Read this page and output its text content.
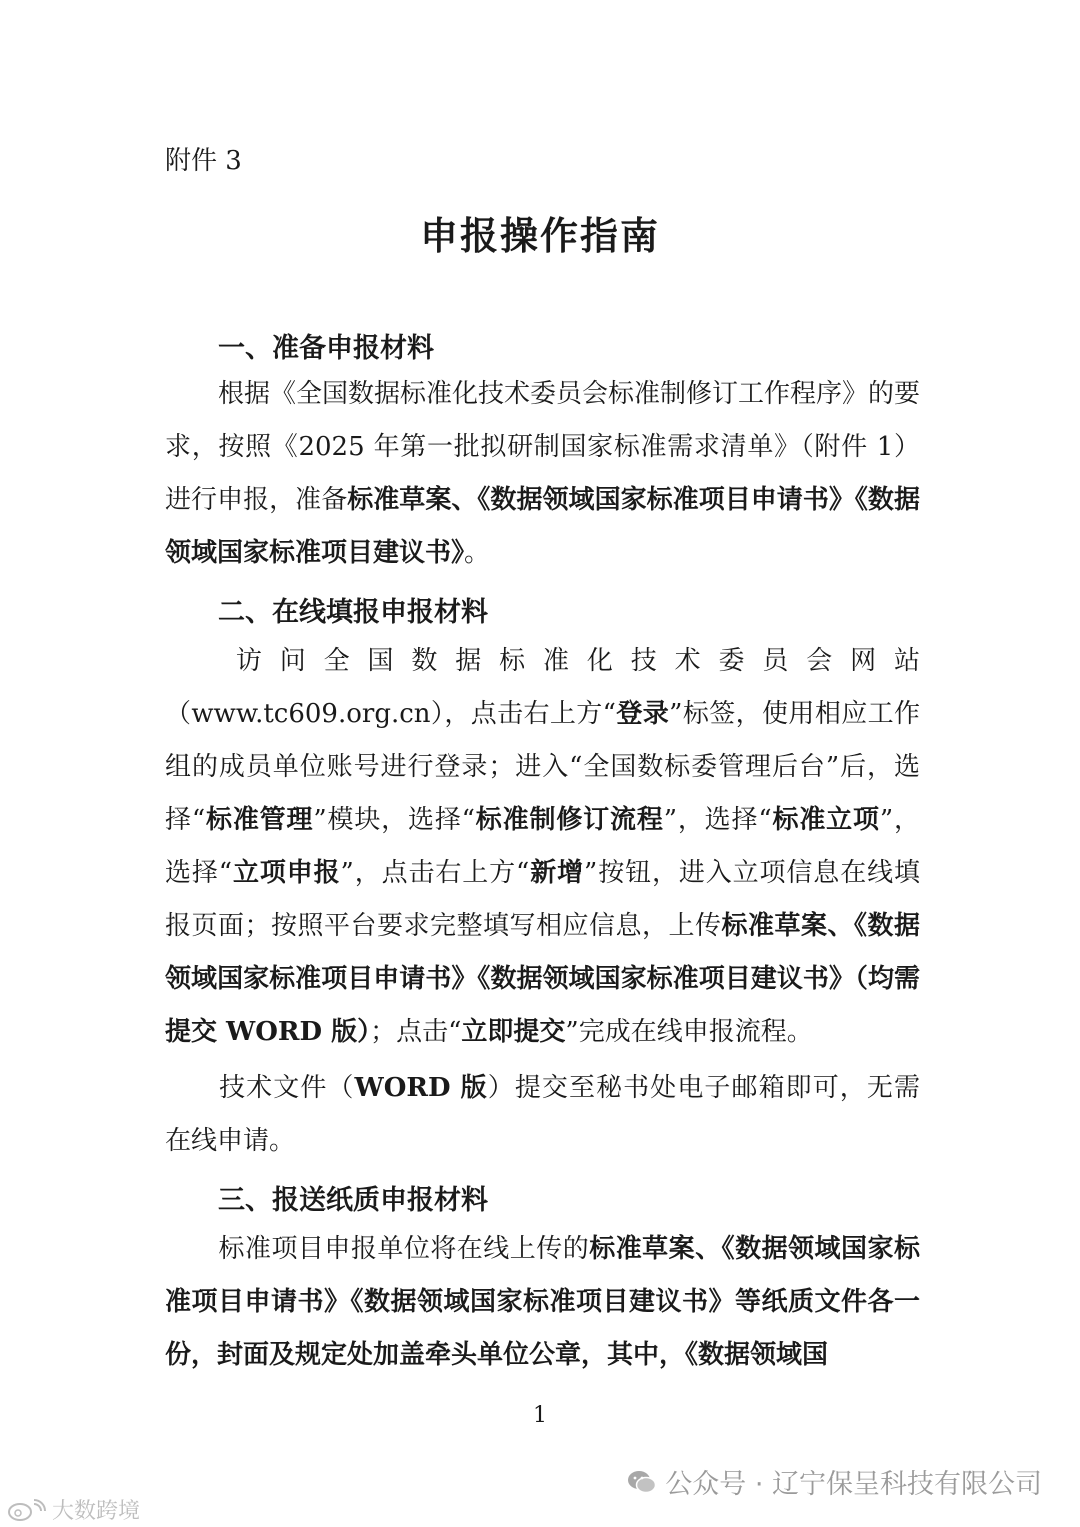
附件 3
申报操作指南
一、准备申报材料
根据《全国数据标准化技术委员会标准制修订工作程序》的要求，按照《2025 年第一批拟研制国家标准需求清单》（附件 1）进行申报，准备标准草案、《数据领域国家标准项目申请书》《数据领域国家标准项目建议书》。
二、在线填报申报材料
访问全国数据标准化技术委员会网站（www.tc609.org.cn），点击右上方“登录”标签，使用相应工作组的成员单位账号进行登录；进入“全国数标委管理后台”后，选择“标准管理”模块，选择“标准制修订流程”，选择“标准立项”，选择“立项申报”，点击右上方“新增”按钮，进入立项信息在线填报页面；按照平台要求完整填写相应信息，上传标准草案、《数据领域国家标准项目申请书》《数据领域国家标准项目建议书》（均需提交 WORD 版）；点击“立即提交”完成在线申报流程。
技术文件（WORD 版）提交至秘书处电子邮箱即可，无需在线申请。
三、报送纸质申报材料
标准项目申报单位将在线上传的标准草案、《数据领域国家标准项目申请书》《数据领域国家标准项目建议书》等纸质文件各一份，封面及规定处加盖牵头单位公章，其中，《数据领域国
1
公众号 · 辽宁保呈科技有限公司
大数跨境
